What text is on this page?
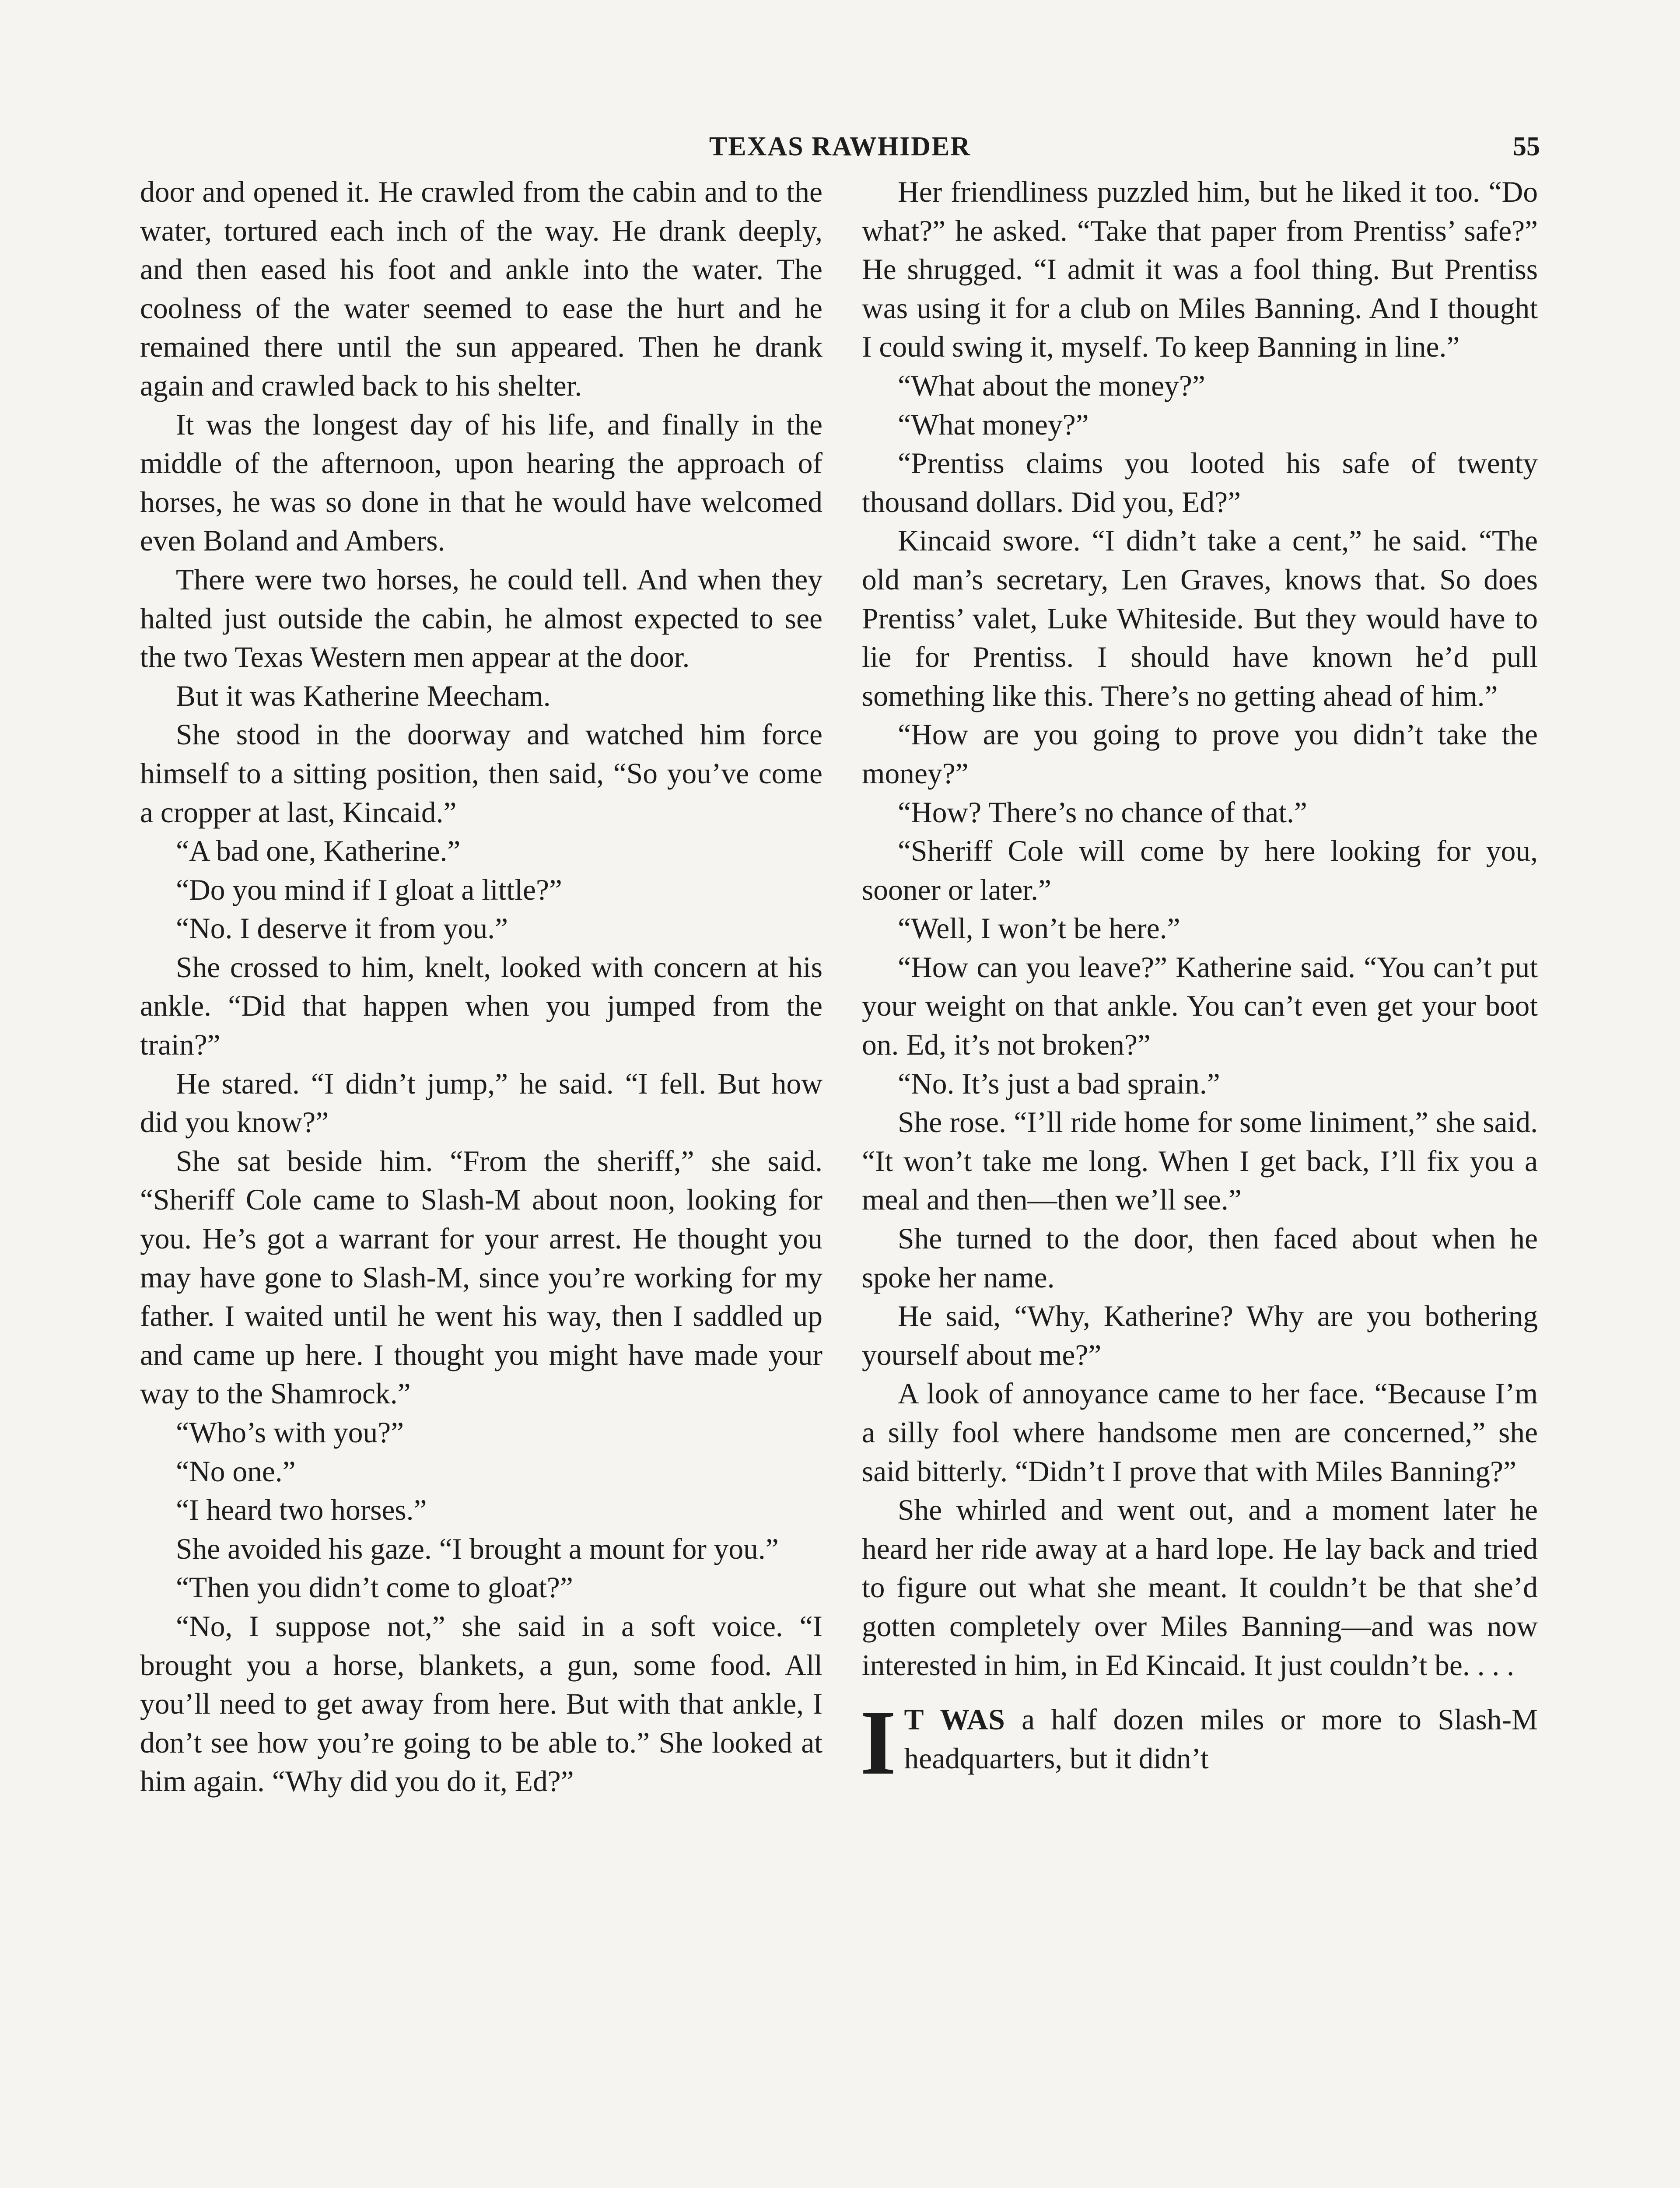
TEXAS RAWHIDER	55

door and opened it. He crawled from the cabin and to the water, tortured each inch of the way. He drank deeply, and then eased his foot and ankle into the water. The coolness of the water seemed to ease the hurt and he remained there until the sun appeared. Then he drank again and crawled back to his shelter.

It was the longest day of his life, and finally in the middle of the afternoon, upon hearing the approach of horses, he was so done in that he would have welcomed even Boland and Ambers.

There were two horses, he could tell. And when they halted just outside the cabin, he almost expected to see the two Texas Western men appear at the door.

But it was Katherine Meecham.

She stood in the doorway and watched him force himself to a sitting position, then said, “So you’ve come a cropper at last, Kincaid.”

“A bad one, Katherine.”

“Do you mind if I gloat a little?”

“No. I deserve it from you.”

She crossed to him, knelt, looked with concern at his ankle. “Did that happen when you jumped from the train?”

He stared. “I didn’t jump,” he said. “I fell. But how did you know?”

She sat beside him. “From the sheriff,” she said. “Sheriff Cole came to Slash-M about noon, looking for you. He’s got a warrant for your arrest. He thought you may have gone to Slash-M, since you’re working for my father. I waited until he went his way, then I saddled up and came up here. I thought you might have made your way to the Shamrock.”

“Who’s with you?”

“No one.”

“I heard two horses.”

She avoided his gaze. “I brought a mount for you.”

“Then you didn’t come to gloat?”

“No, I suppose not,” she said in a soft voice. “I brought you a horse, blankets, a gun, some food. All you’ll need to get away from here. But with that ankle, I don’t see how you’re going to be able to.” She looked at him again. “Why did you do it, Ed?”

Her friendliness puzzled him, but he liked it too. “Do what?” he asked. “Take that paper from Prentiss’ safe?” He shrugged. “I admit it was a fool thing. But Prentiss was using it for a club on Miles Banning. And I thought I could swing it, myself. To keep Banning in line.”

“What about the money?”

“What money?”

“Prentiss claims you looted his safe of twenty thousand dollars. Did you, Ed?”

Kincaid swore. “I didn’t take a cent,” he said. “The old man’s secretary, Len Graves, knows that. So does Prentiss’ valet, Luke Whiteside. But they would have to lie for Prentiss. I should have known he’d pull something like this. There’s no getting ahead of him.”

“How are you going to prove you didn’t take the money?”

“How? There’s no chance of that.”

“Sheriff Cole will come by here looking for you, sooner or later.”

“Well, I won’t be here.”

“How can you leave?” Katherine said. “You can’t put your weight on that ankle. You can’t even get your boot on. Ed, it’s not broken?”

“No. It’s just a bad sprain.”

She rose. “I’ll ride home for some liniment,” she said. “It won’t take me long. When I get back, I’ll fix you a meal and then—then we’ll see.”

She turned to the door, then faced about when he spoke her name.

He said, “Why, Katherine? Why are you bothering yourself about me?”

A look of annoyance came to her face. “Because I’m a silly fool where handsome men are concerned,” she said bitterly. “Didn’t I prove that with Miles Banning?”

She whirled and went out, and a moment later he heard her ride away at a hard lope. He lay back and tried to figure out what she meant. It couldn’t be that she’d gotten completely over Miles Banning—and was now interested in him, in Ed Kincaid. It just couldn’t be. . . .

I T WAS a half dozen miles or more to Slash-M headquarters, but it didn’t
